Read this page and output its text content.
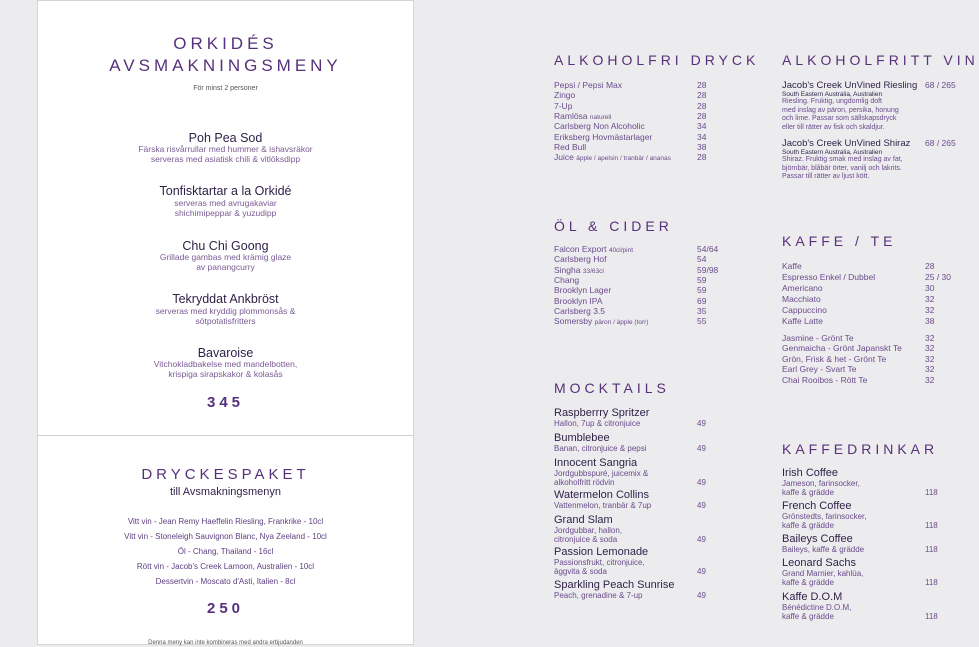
ORKIDÉS
AVSMAKNINGSMENY
För minst 2 personer
Poh Pea Sod
Färska risvårrullar med hummer & ishavsräkor
serveras med asiatisk chili & vitlöksdipp
Tonfisktartar a la Orkidé
serveras med avrugakaviar
shichimipeppar & yuzudipp
Chu Chi Goong
Grillade gambas med krämig glaze
av panangcurry
Tekryddat Ankbröst
serveras med kryddig plommonsås &
sötpotatisfritters
Bavaroise
Vitchokladbakelse med mandelbotten,
krispiga sirapskakor & kolasås
345
DRYCKESPAKET
till Avsmakningsmenyn
Vitt vin - Jean Remy Haeffelin Riesling, Frankrike - 10cl
Vitt vin - Stoneleigh Sauvignon Blanc, Nya Zeeland - 10cl
Öl - Chang, Thailand - 16cl
Rött vin - Jacob's Creek Lamoon, Australien - 10cl
Dessertvin - Moscato d'Asti, Italien - 8cl
250
Denna meny kan inte kombineras med andra erbjudanden
ALKOHOLFRI DRYCK
Pepsi / Pepsi Max	28
Zingo	28
7-Up	28
Ramlösa naturell	28
Carlsberg Non Alcoholic	34
Eriksberg Hovmästarlager	34
Red Bull	38
Juice äpple / apelsin / tranbär / ananas	28
ÖL & CIDER
Falcon Export 40cl/pint	54/64
Carlsberg Hof	54
Singha 33/63cl	59/98
Chang	59
Brooklyn Lager	59
Brooklyn IPA	69
Carlsberg 3.5	35
Somersby päron / äpple (torr)	55
MOCKTAILS
Raspberrry Spritzer
Hallon, 7up & citronjuice	49
Bumblebee
Banan, citronjuice & pepsi	49
Innocent Sangria
Jordgubbspuré, juicemix &
alkoholfritt rödvin	49
Watermelon Collins
Vattenmelon, tranbär & 7up	49
Grand Slam
Jordgubbar, hallon,
citronjuice & soda	49
Passion Lemonade
Passionsfrukt, citronjuice,
äggvita & soda	49
Sparkling Peach Sunrise
Peach, grenadine & 7-up	49
ALKOHOLFRITT VIN
Jacob's Creek UnVined Riesling 68 / 265
South Eastern Australia, Australien
Riesling. Fruktig, ungdomlig doft
med inslag av päron, persika, honung
och lime. Passar som sällskapsdryck
eller till rätter av fisk och skaldjur.
Jacob's Creek UnVined Shiraz 68 / 265
South Eastern Australia, Australien
Shiraz. Fruktig smak med inslag av fat,
björnbär, blåbär örter, vanilj och lakrits.
Passar till rätter av ljust kött.
KAFFE / TE
Kaffe	28
Espresso Enkel / Dubbel	25 / 30
Americano	30
Macchiato	32
Cappuccino	32
Kaffe Latte	38
Jasmine - Grönt Te	32
Genmaicha - Grönt Japanskt Te	32
Grön, Frisk & het - Grönt Te	32
Earl Grey - Svart Te	32
Chai Rooibos - Rött Te	32
KAFFEDRINKAR
Irish Coffee
Jameson, farinsocker,
kaffe & grädde	118
French Coffee
Grönstedts, farinsocker,
kaffe & grädde	118
Baileys Coffee
Baileys, kaffe & grädde	118
Leonard Sachs
Grand Marnier, kahlúa,
kaffe & grädde	118
Kaffe D.O.M
Bénédictine D.O.M,
kaffe & grädde	118
